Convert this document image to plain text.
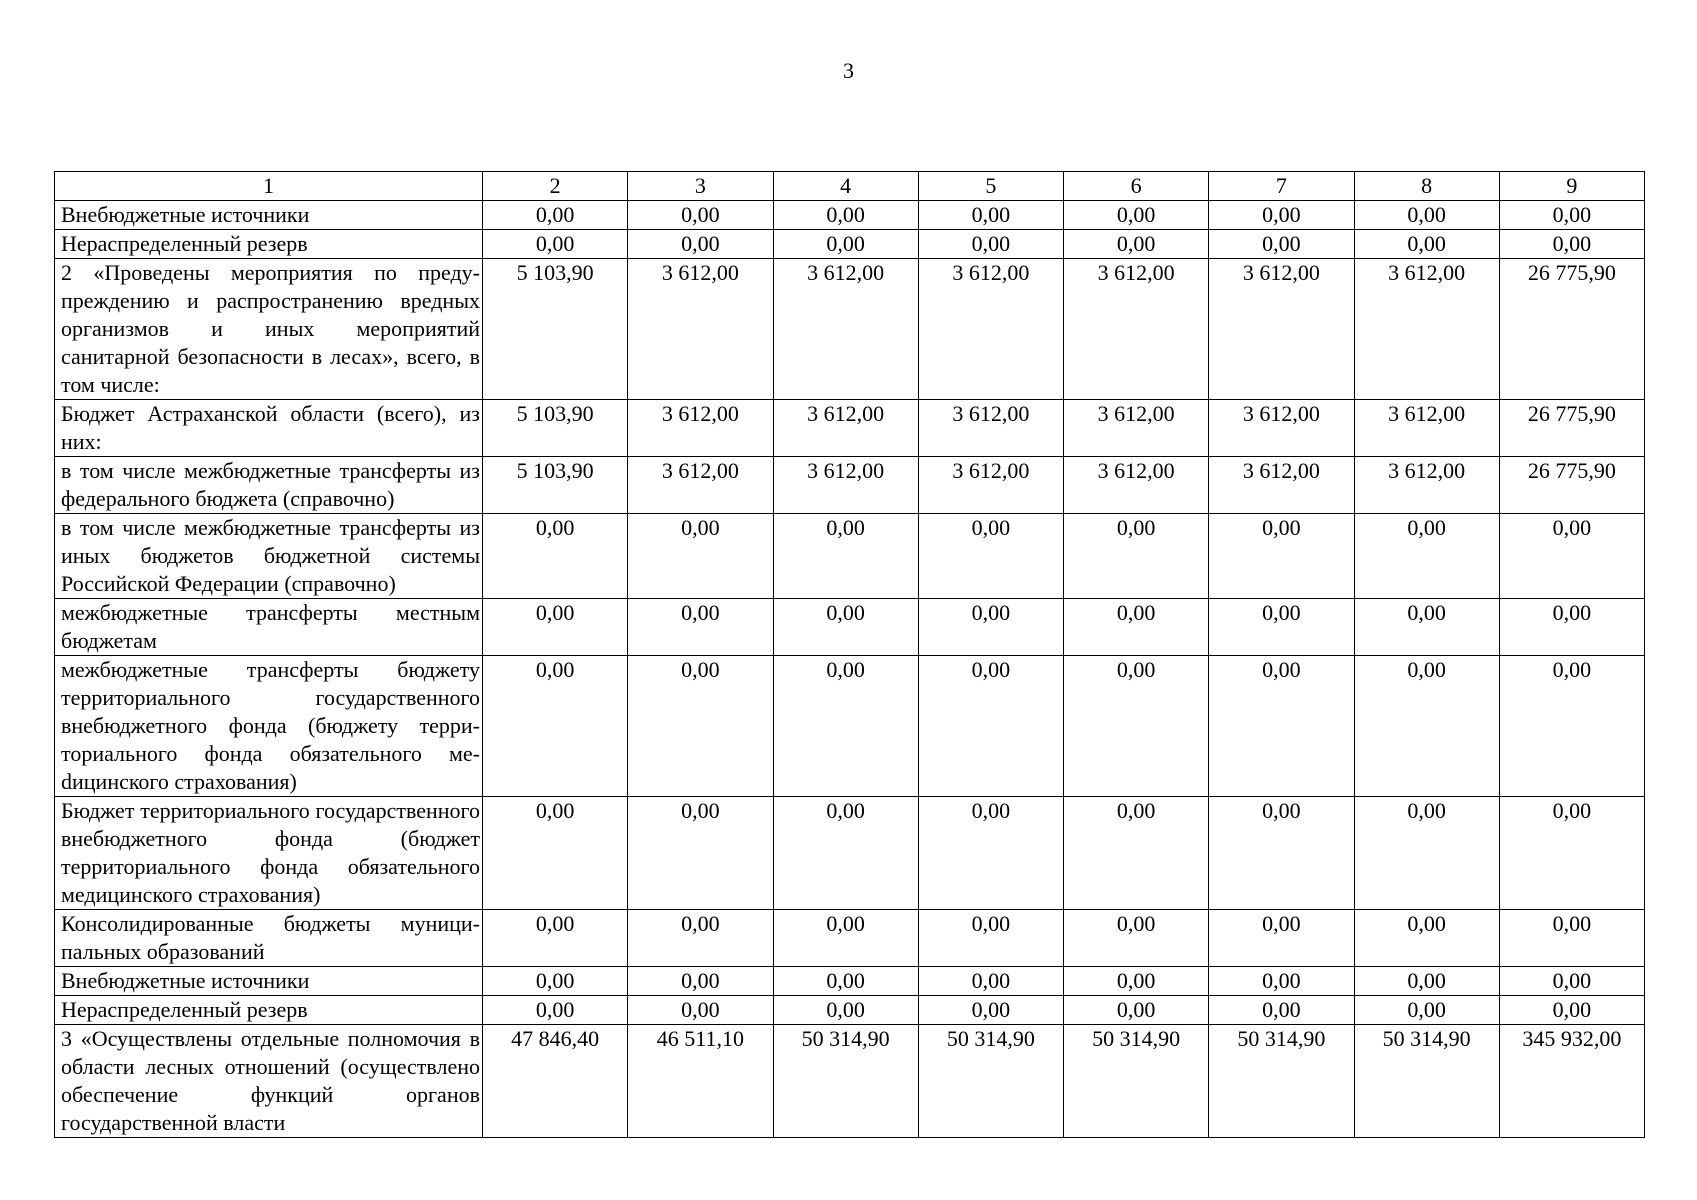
3
1	2	3	4	5	6	7	8	9
Внебюджетные источники	0,00	0,00	0,00	0,00	0,00	0,00	0,00	0,00
Нераспределенный резерв	0,00	0,00	0,00	0,00	0,00	0,00	0,00	0,00
2 «Проведены мероприятия по предупреждению и распространению вредных организмов и иных мероприятий санитарной безопасности в лесах», всего, в том числе:	5 103,90	3 612,00	3 612,00	3 612,00	3 612,00	3 612,00	3 612,00	26 775,90
Бюджет Астраханской области (всего), из них:	5 103,90	3 612,00	3 612,00	3 612,00	3 612,00	3 612,00	3 612,00	26 775,90
в том числе межбюджетные трансферты из федерального бюджета (справочно)	5 103,90	3 612,00	3 612,00	3 612,00	3 612,00	3 612,00	3 612,00	26 775,90
в том числе межбюджетные трансферты из иных бюджетов бюджетной системы Российской Федерации (справочно)	0,00	0,00	0,00	0,00	0,00	0,00	0,00	0,00
межбюджетные трансферты местным бюджетам	0,00	0,00	0,00	0,00	0,00	0,00	0,00	0,00
межбюджетные трансферты бюджету территориального государственного внебюджетного фонда (бюджету территориального фонда обязательного меdицинского страхования)	0,00	0,00	0,00	0,00	0,00	0,00	0,00	0,00
Бюджет территориального государственного внебюджетного фонда (бюджет территориального фонда обязательного медицинского страхования)	0,00	0,00	0,00	0,00	0,00	0,00	0,00	0,00
Консолидированные бюджеты муниципальных образований	0,00	0,00	0,00	0,00	0,00	0,00	0,00	0,00
Внебюджетные источники	0,00	0,00	0,00	0,00	0,00	0,00	0,00	0,00
Нераспределенный резерв	0,00	0,00	0,00	0,00	0,00	0,00	0,00	0,00
3 «Осуществлены отдельные полномочия в области лесных отношений (осуществлено обеспечение функций органов государственной власти	47 846,40	46 511,10	50 314,90	50 314,90	50 314,90	50 314,90	50 314,90	345 932,00
